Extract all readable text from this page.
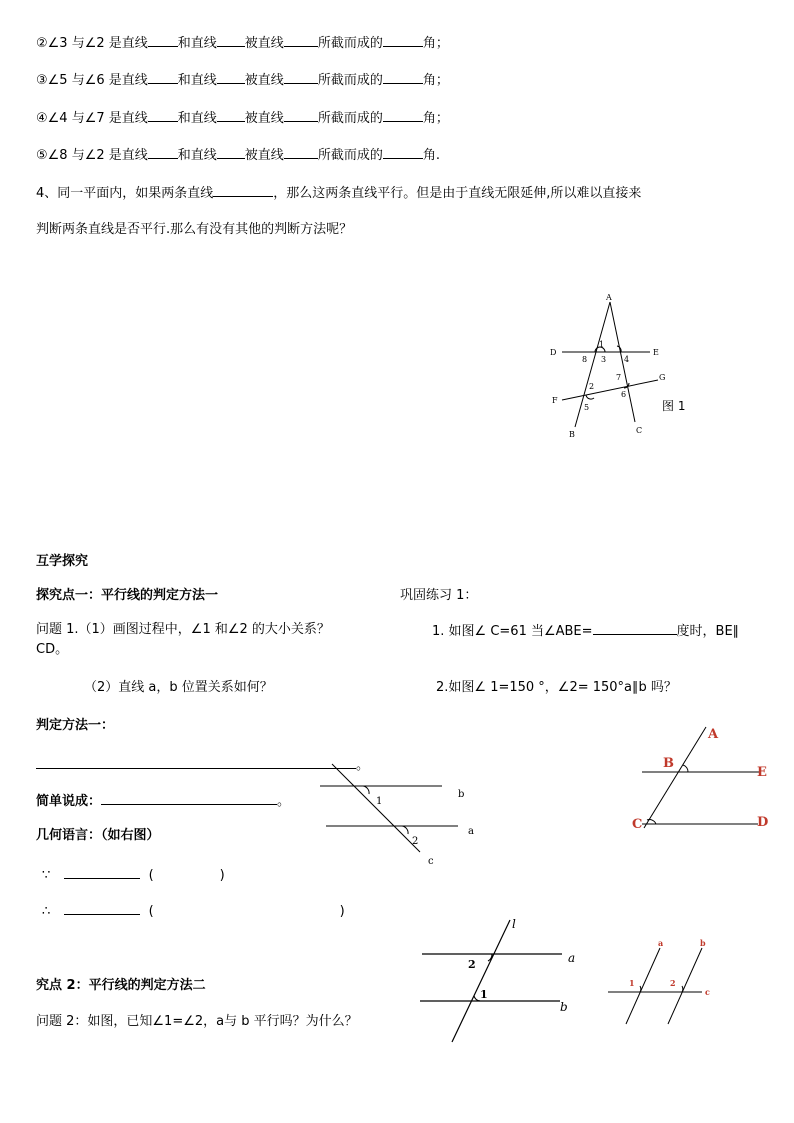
②∠3 与∠2 是直线 和直线 被直线	所截而成的	角；
③∠5 与∠6 是直线 和直线 被直线	所截而成的	角；
④∠4 与∠7 是直线 和直线 被直线	所截而成的	角；
⑤∠8 与∠2 是直线 和直线 被直线	所截而成的	角.
4、同一平面内，如果两条直线	，那么这两条直线平行。但是由于直线无限延伸,所以难以直接来
判断两条直线是否平行.那么有没有其他的判断方法呢？
A
D	E
F
G
B	C
1
8 3 4
2
7
5
6
图 1
互学探究
探究点一：平行线的判定方法一	巩固练习 1：
问题 1.（1）画图过程中，∠1 和∠2 的大小关系？	1. 如图∠ C=61 当∠ABE=	度时，BE∥
CD。
（2）直线 a，b 位置关系如何？	2.如图∠ 1=150 °，∠2= 150°a∥b 吗？
判定方法一：
。
简单说成：	。
几何语言：（如右图）
∵	(	)
∴	(	)
究点 2：平行线的判定方法二
问题 2：如图，已知∠1=∠2，a与 b 平行吗？为什么？
b
a
c
1
2
A
B
E
C	D
l
a
b
2
1
a	b
c
1	2
